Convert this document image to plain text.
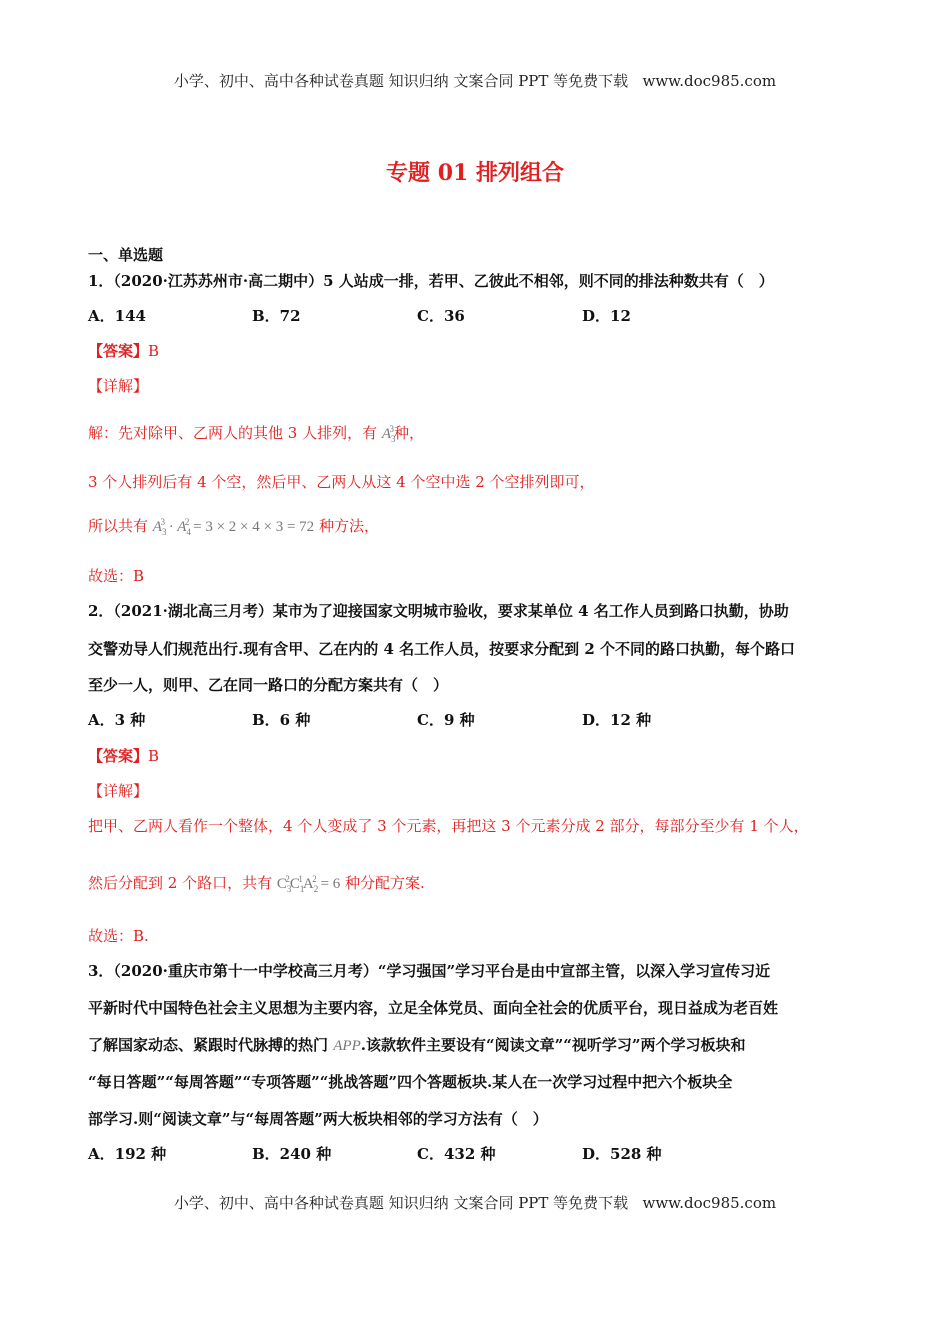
小学、初中、高中各种试卷真题 知识归纳 文案合同 PPT 等免费下载 www.doc985.com
专题 01 排列组合
一、单选题
1．（2020·江苏苏州市·高二期中）5 人站成一排，若甲、乙彼此不相邻，则不同的排法种数共有（　）
A．144	B．72	C．36	D．12
【答案】B
【详解】
解：先对除甲、乙两人的其他 3 人排列，有 $A_3^3$种，
3 个人排列后有 4 个空，然后甲、乙两人从这 4 个空中选 2 个空排列即可，
所以共有 $A_3^3 \cdot A_4^2 = 3 \times 2 \times 4 \times 3 = 72$ 种方法，
故选：B
2．（2021·湖北高三月考）某市为了迎接国家文明城市验收，要求某单位 4 名工作人员到路口执勤，协助
交警劝导人们规范出行.现有含甲、乙在内的 4 名工作人员，按要求分配到 2 个不同的路口执勤，每个路口
至少一人，则甲、乙在同一路口的分配方案共有（　）
A．3 种	B．6 种	C．9 种	D．12 种
【答案】B
【详解】
把甲、乙两人看作一个整体，4 个人变成了 3 个元素，再把这 3 个元素分成 2 部分，每部分至少有 1 个人，
然后分配到 2 个路口，共有 $C_3^2C_1^1A_2^2 = 6$ 种分配方案.
故选：B.
3．（2020·重庆市第十一中学校高三月考）“学习强国”学习平台是由中宣部主管，以深入学习宣传习近
平新时代中国特色社会主义思想为主要内容，立足全体党员、面向全社会的优质平台，现日益成为老百姓
了解国家动态、紧跟时代脉搏的热门 APP.该款软件主要设有“阅读文章”“视听学习”两个学习板块和
“每日答题”“每周答题”“专项答题”“挑战答题”四个答题板块.某人在一次学习过程中把六个板块全
部学习.则“阅读文章”与“每周答题”两大板块相邻的学习方法有（　）
A．192 种	B．240 种	C．432 种	D．528 种
小学、初中、高中各种试卷真题 知识归纳 文案合同 PPT 等免费下载 www.doc985.com
